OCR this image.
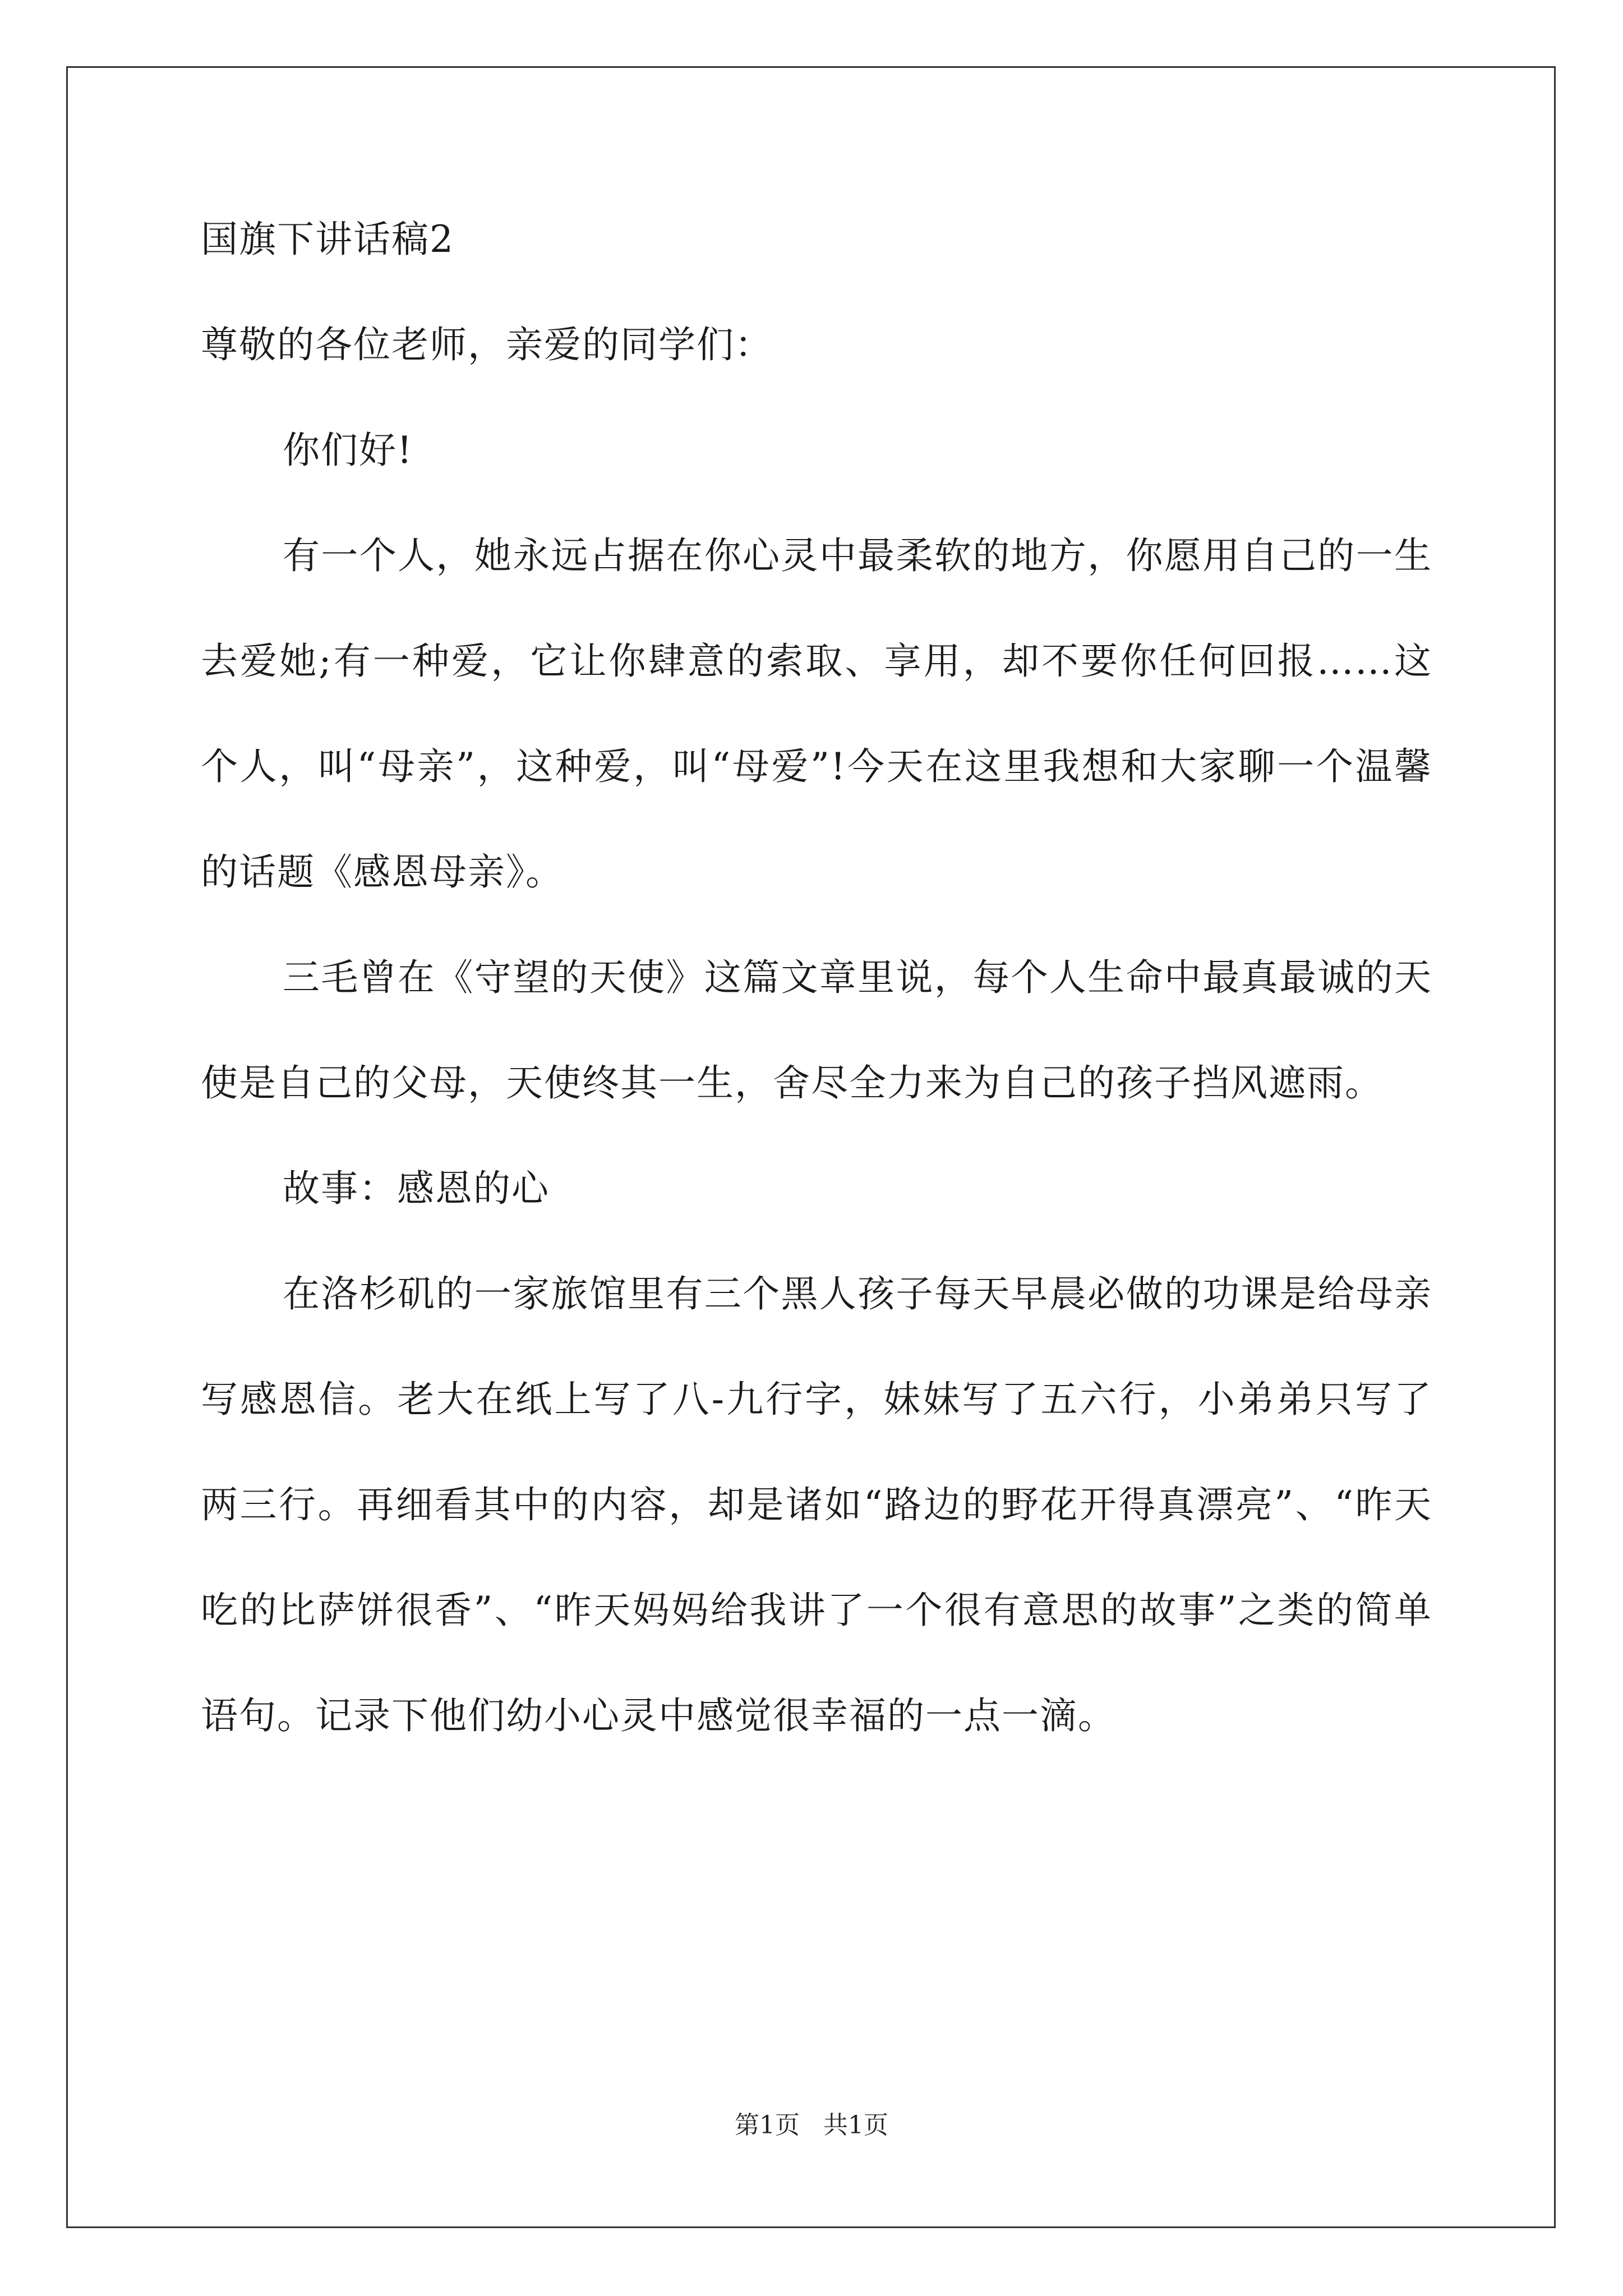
国旗下讲话稿2

尊敬的各位老师，亲爱的同学们：

你们好!

有一个人，她永远占据在你心灵中最柔软的地方，你愿用自己的一生去爱她;有一种爱，它让你肆意的索取、享用，却不要你任何回报……这个人，叫“母亲”，这种爱，叫“母爱”!今天在这里我想和大家聊一个温馨的话题《感恩母亲》。

三毛曾在《守望的天使》这篇文章里说，每个人生命中最真最诚的天使是自己的父母，天使终其一生，舍尽全力来为自己的孩子挡风遮雨。

故事：感恩的心

在洛杉矶的一家旅馆里有三个黑人孩子每天早晨必做的功课是给母亲写感恩信。老大在纸上写了八-九行字，妹妹写了五六行，小弟弟只写了两三行。再细看其中的内容，却是诸如“路边的野花开得真漂亮”、“昨天吃的比萨饼很香”、“昨天妈妈给我讲了一个很有意思的故事”之类的简单语句。记录下他们幼小心灵中感觉很幸福的一点一滴。

第1页   共1页
